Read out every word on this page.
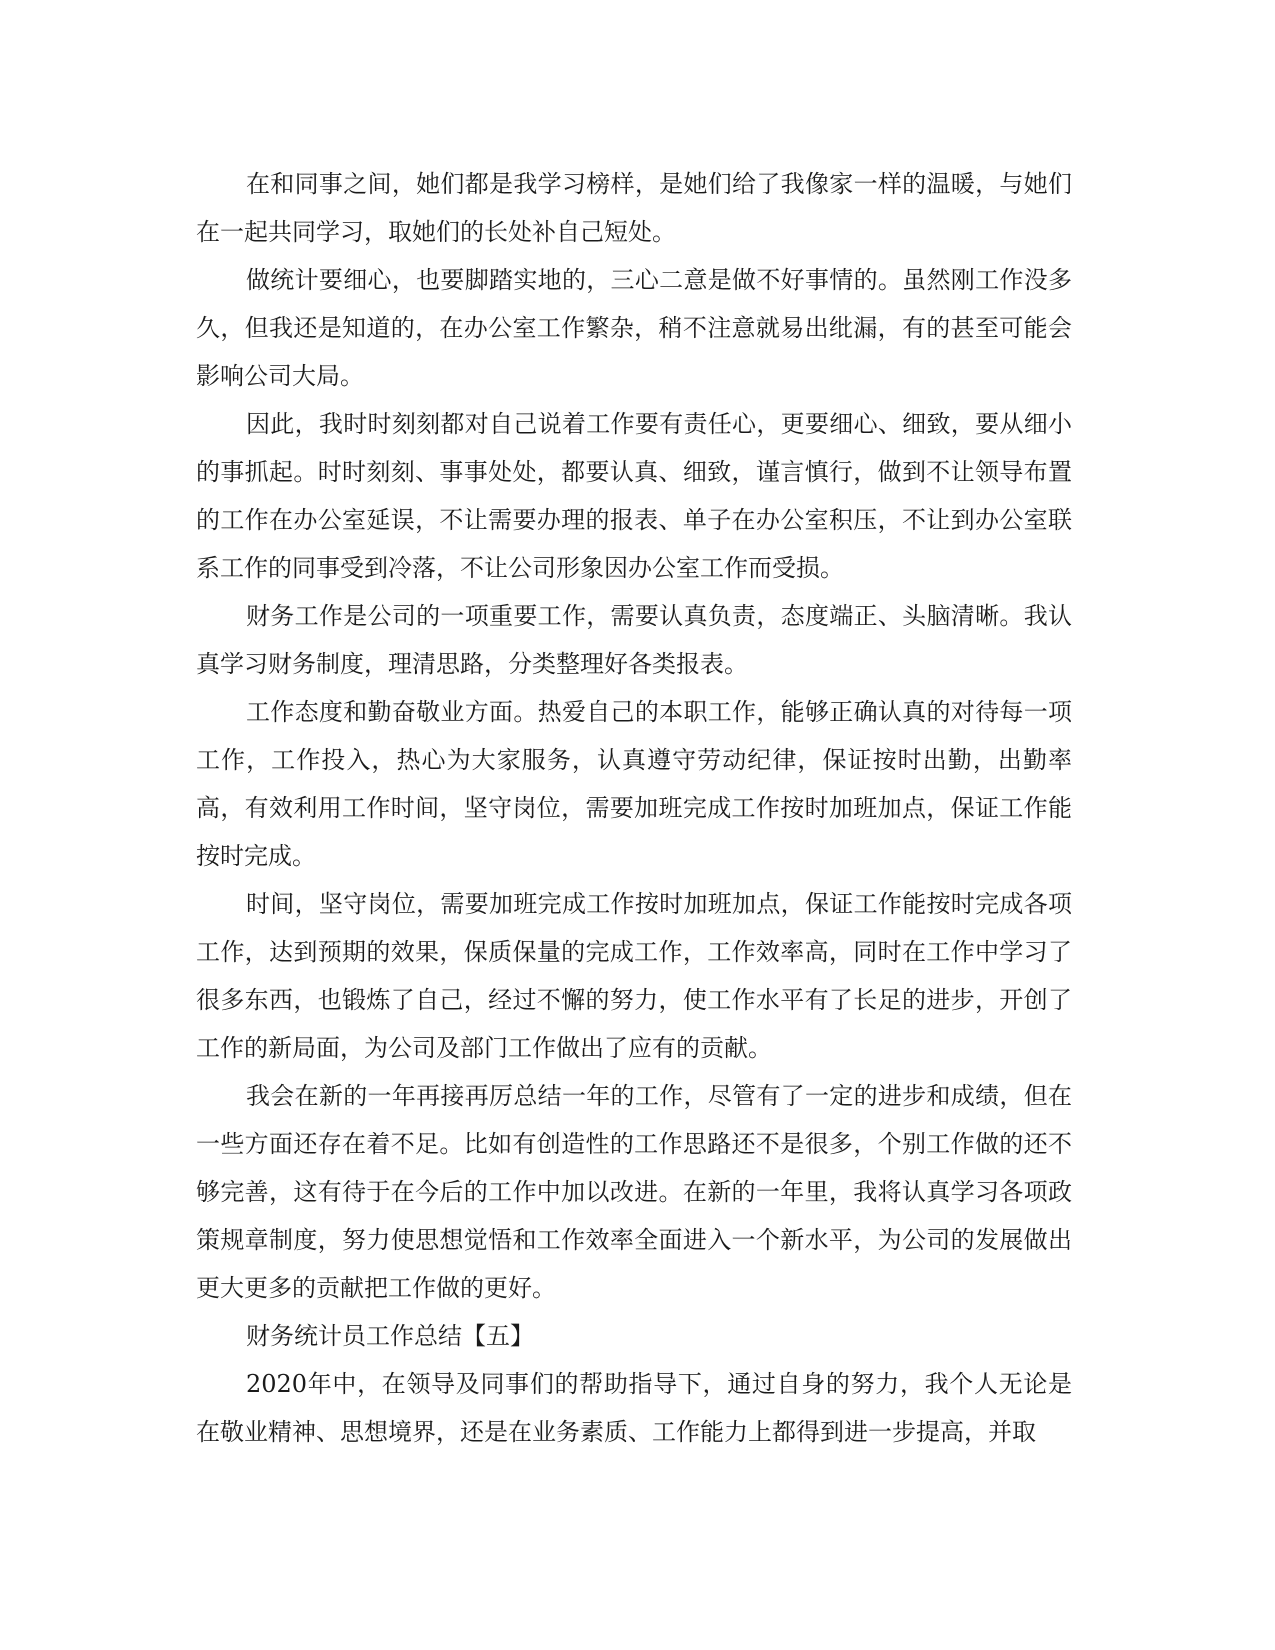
在和同事之间，她们都是我学习榜样，是她们给了我像家一样的温暖，与她们在一起共同学习，取她们的长处补自己短处。

做统计要细心，也要脚踏实地的，三心二意是做不好事情的。虽然刚工作没多久，但我还是知道的，在办公室工作繁杂，稍不注意就易出纰漏，有的甚至可能会影响公司大局。

因此，我时时刻刻都对自己说着工作要有责任心，更要细心、细致，要从细小的事抓起。时时刻刻、事事处处，都要认真、细致，谨言慎行，做到不让领导布置的工作在办公室延误，不让需要办理的报表、单子在办公室积压，不让到办公室联系工作的同事受到冷落，不让公司形象因办公室工作而受损。

财务工作是公司的一项重要工作，需要认真负责，态度端正、头脑清晰。我认真学习财务制度，理清思路，分类整理好各类报表。

工作态度和勤奋敬业方面。热爱自己的本职工作，能够正确认真的对待每一项工作，工作投入，热心为大家服务，认真遵守劳动纪律，保证按时出勤，出勤率高，有效利用工作时间，坚守岗位，需要加班完成工作按时加班加点，保证工作能按时完成。

时间，坚守岗位，需要加班完成工作按时加班加点，保证工作能按时完成各项工作，达到预期的效果，保质保量的完成工作，工作效率高，同时在工作中学习了很多东西，也锻炼了自己，经过不懈的努力，使工作水平有了长足的进步，开创了工作的新局面，为公司及部门工作做出了应有的贡献。

我会在新的一年再接再厉总结一年的工作，尽管有了一定的进步和成绩，但在一些方面还存在着不足。比如有创造性的工作思路还不是很多，个别工作做的还不够完善，这有待于在今后的工作中加以改进。在新的一年里，我将认真学习各项政策规章制度，努力使思想觉悟和工作效率全面进入一个新水平，为公司的发展做出更大更多的贡献把工作做的更好。

财务统计员工作总结【五】

2020年中，在领导及同事们的帮助指导下，通过自身的努力，我个人无论是在敬业精神、思想境界，还是在业务素质、工作能力上都得到进一步提高，并取
